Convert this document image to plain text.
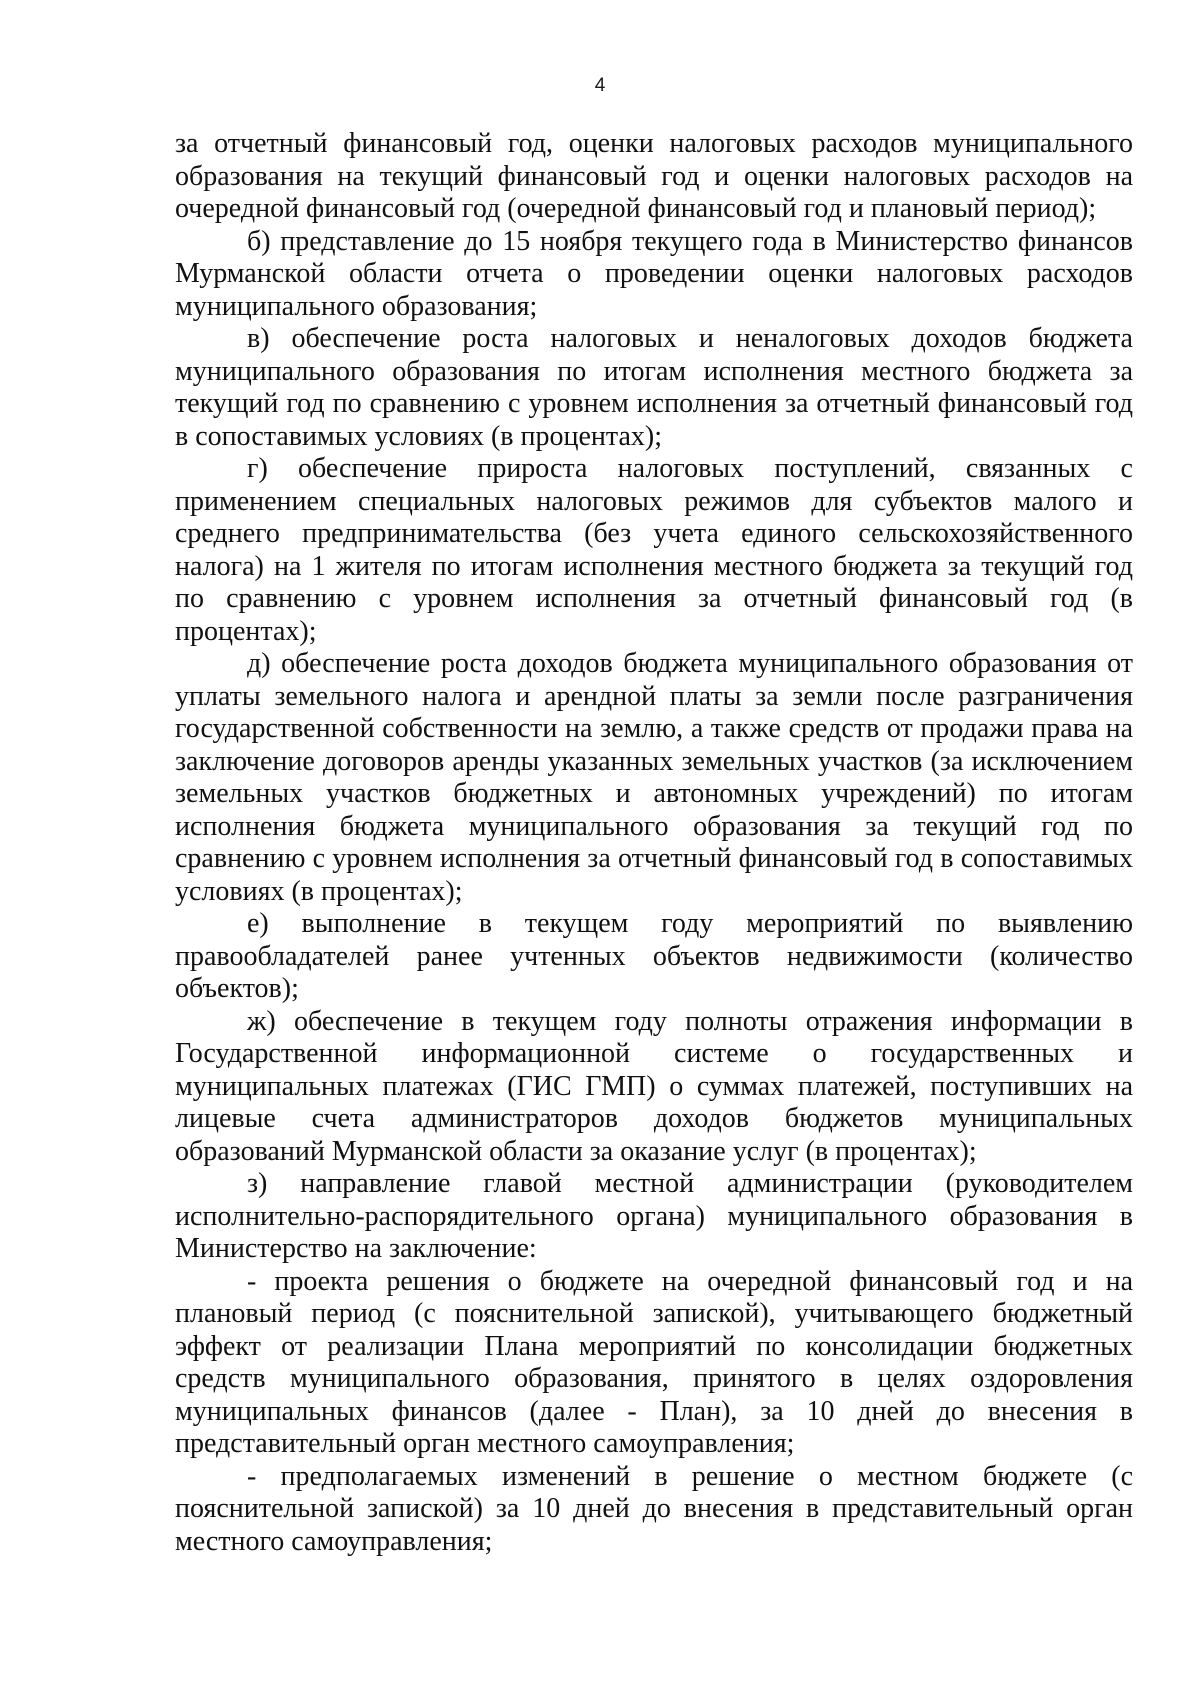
4

за отчетный финансовый год, оценки налоговых расходов муниципального образования на текущий финансовый год и оценки налоговых расходов на очередной финансовый год (очередной финансовый год и плановый период);

б) представление до 15 ноября текущего года в Министерство финансов Мурманской области отчета о проведении оценки налоговых расходов муниципального образования;

в) обеспечение роста налоговых и неналоговых доходов бюджета муниципального образования по итогам исполнения местного бюджета за текущий год по сравнению с уровнем исполнения за отчетный финансовый год в сопоставимых условиях (в процентах);

г) обеспечение прироста налоговых поступлений, связанных с применением специальных налоговых режимов для субъектов малого и среднего предпринимательства (без учета единого сельскохозяйственного налога) на 1 жителя по итогам исполнения местного бюджета за текущий год по сравнению с уровнем исполнения за отчетный финансовый год (в процентах);

д) обеспечение роста доходов бюджета муниципального образования от уплаты земельного налога и арендной платы за земли после разграничения государственной собственности на землю, а также средств от продажи права на заключение договоров аренды указанных земельных участков (за исключением земельных участков бюджетных и автономных учреждений) по итогам исполнения бюджета муниципального образования за текущий год по сравнению с уровнем исполнения за отчетный финансовый год в сопоставимых условиях (в процентах);

е) выполнение в текущем году мероприятий по выявлению правообладателей ранее учтенных объектов недвижимости (количество объектов);

ж) обеспечение в текущем году полноты отражения информации в Государственной информационной системе о государственных и муниципальных платежах (ГИС ГМП) о суммах платежей, поступивших на лицевые счета администраторов доходов бюджетов муниципальных образований Мурманской области за оказание услуг (в процентах);

з) направление главой местной администрации (руководителем исполнительно-распорядительного органа) муниципального образования в Министерство на заключение:

- проекта решения о бюджете на очередной финансовый год и на плановый период (с пояснительной запиской), учитывающего бюджетный эффект от реализации Плана мероприятий по консолидации бюджетных средств муниципального образования, принятого в целях оздоровления муниципальных финансов (далее - План), за 10 дней до внесения в представительный орган местного самоуправления;

- предполагаемых изменений в решение о местном бюджете (с пояснительной запиской) за 10 дней до внесения в представительный орган местного самоуправления;
